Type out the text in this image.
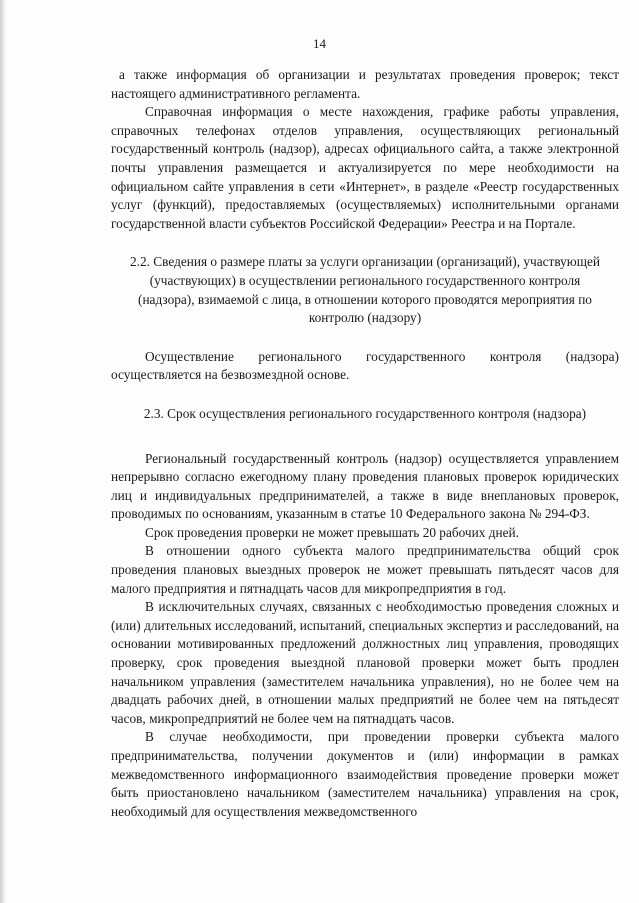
14

а также информация об организации и результатах проведения проверок; текст настоящего административного регламента.

Справочная информация о месте нахождения, графике работы управления, справочных телефонах отделов управления, осуществляющих региональный государственный контроль (надзор), адресах официального сайта, а также электронной почты управления размещается и актуализируется по мере необходимости на официальном сайте управления в сети «Интернет», в разделе «Реестр государственных услуг (функций), предоставляемых (осуществляемых) исполнительными органами государственной власти субъектов Российской Федерации» Реестра и на Портале.

2.2. Сведения о размере платы за услуги организации (организаций), участвующей (участвующих) в осуществлении регионального государственного контроля (надзора), взимаемой с лица, в отношении которого проводятся мероприятия по контролю (надзору)

Осуществление регионального государственного контроля (надзора) осуществляется на безвозмездной основе.

2.3. Срок осуществления регионального государственного контроля (надзора)

Региональный государственный контроль (надзор) осуществляется управлением непрерывно согласно ежегодному плану проведения плановых проверок юридических лиц и индивидуальных предпринимателей, а также в виде внеплановых проверок, проводимых по основаниям, указанным в статье 10 Федерального закона № 294-ФЗ.

Срок проведения проверки не может превышать 20 рабочих дней.

В отношении одного субъекта малого предпринимательства общий срок проведения плановых выездных проверок не может превышать пятьдесят часов для малого предприятия и пятнадцать часов для микропредприятия в год.

В исключительных случаях, связанных с необходимостью проведения сложных и (или) длительных исследований, испытаний, специальных экспертиз и расследований, на основании мотивированных предложений должностных лиц управления, проводящих проверку, срок проведения выездной плановой проверки может быть продлен начальником управления (заместителем начальника управления), но не более чем на двадцать рабочих дней, в отношении малых предприятий не более чем на пятьдесят часов, микропредприятий не более чем на пятнадцать часов.

В случае необходимости, при проведении проверки субъекта малого предпринимательства, получении документов и (или) информации в рамках межведомственного информационного взаимодействия проведение проверки может быть приостановлено начальником (заместителем начальника) управления на срок, необходимый для осуществления межведомственного
